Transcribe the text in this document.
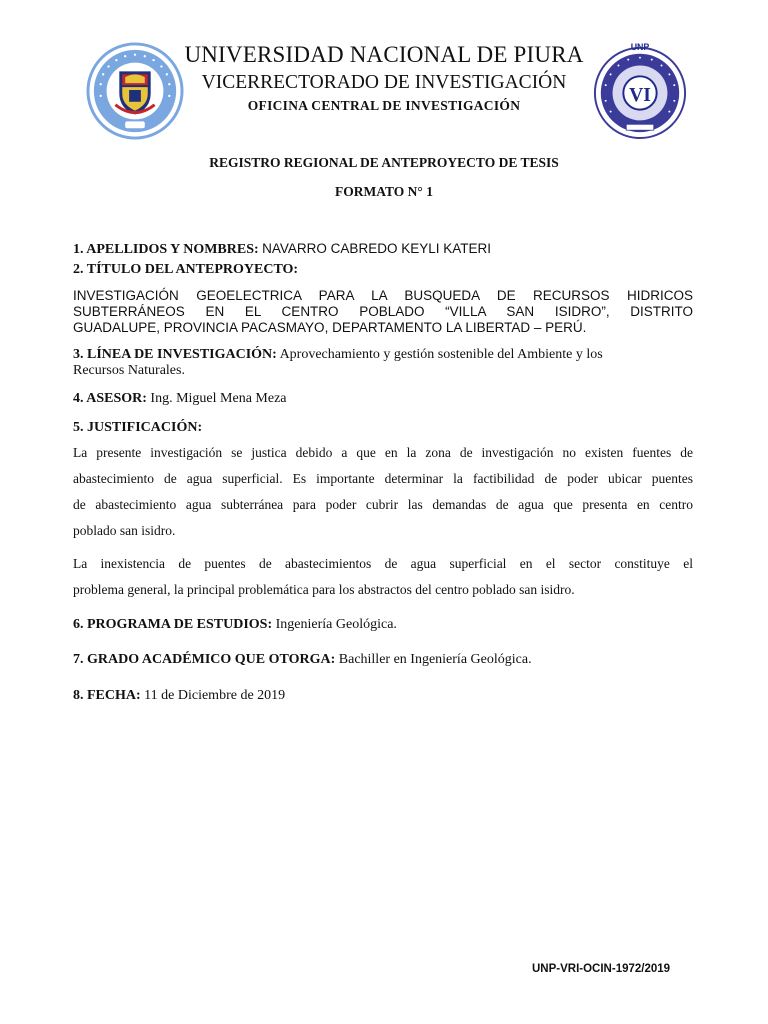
VI
UNP
UNIVERSIDAD NACIONAL DE PIURA
VICERRECTORADO DE INVESTIGACIÓN
OFICINA CENTRAL DE INVESTIGACIÓN
REGISTRO REGIONAL DE ANTEPROYECTO DE TESIS
FORMATO N° 1
1. APELLIDOS Y NOMBRES: NAVARRO CABREDO KEYLI KATERI
2. TÍTULO DEL ANTEPROYECTO:
INVESTIGACIÓN GEOELECTRICA PARA LA BUSQUEDA DE RECURSOS HIDRICOS
SUBTERRÁNEOS EN EL CENTRO POBLADO “VILLA SAN ISIDRO”, DISTRITO
GUADALUPE, PROVINCIA PACASMAYO, DEPARTAMENTO LA LIBERTAD – PERÚ.
3. LÍNEA DE INVESTIGACIÓN: Aprovechamiento y gestión sostenible del Ambiente y los
Recursos Naturales.
4. ASESOR: Ing. Miguel Mena Meza
5. JUSTIFICACIÓN:
La presente investigación se justica debido a que en la zona de investigación no existen fuentes de
abastecimiento de agua superficial. Es importante determinar la factibilidad de poder ubicar puentes
de abastecimiento agua subterránea para poder cubrir las demandas de agua que presenta en centro
poblado san isidro.
La inexistencia de puentes de abastecimientos de agua superficial en el sector constituye el
problema general, la principal problemática para los abstractos del centro poblado san isidro.
6. PROGRAMA DE ESTUDIOS: Ingeniería Geológica.
7. GRADO ACADÉMICO QUE OTORGA: Bachiller en Ingeniería Geológica.
8. FECHA: 11 de Diciembre de 2019
UNP-VRI-OCIN-1972/2019
